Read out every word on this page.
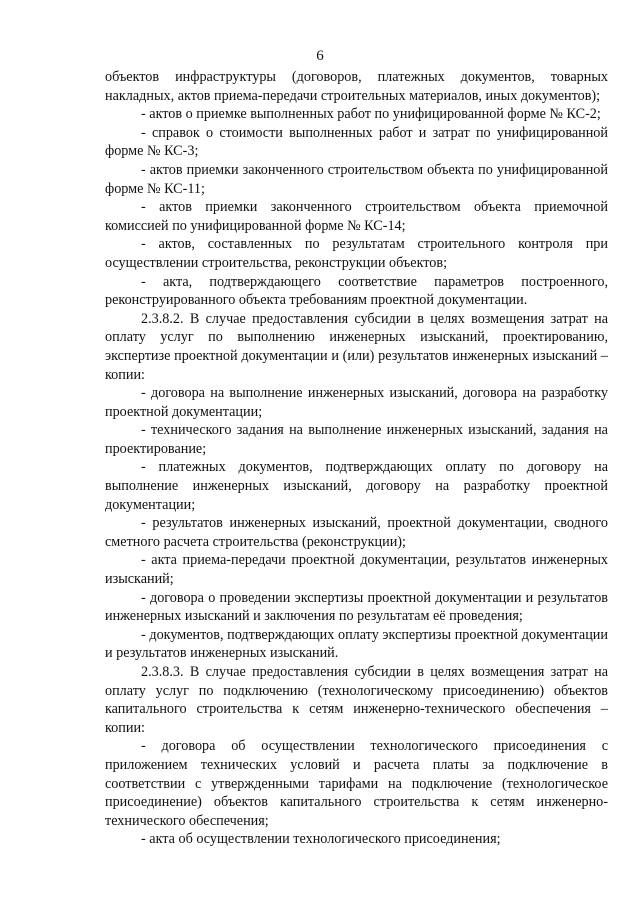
6

объектов инфраструктуры (договоров, платежных документов, товарных накладных, актов приема-передачи строительных материалов, иных документов);

- актов о приемке выполненных работ по унифицированной форме № КС-2;

- справок о стоимости выполненных работ и затрат по унифицированной форме № КС-3;

- актов приемки законченного строительством объекта по унифицированной форме № КС-11;

- актов приемки законченного строительством объекта приемочной комиссией по унифицированной форме № КС-14;

- актов, составленных по результатам строительного контроля при осуществлении строительства, реконструкции объектов;

- акта, подтверждающего соответствие параметров построенного, реконструированного объекта требованиям проектной документации.

2.3.8.2. В случае предоставления субсидии в целях возмещения затрат на оплату услуг по выполнению инженерных изысканий, проектированию, экспертизе проектной документации и (или) результатов инженерных изысканий – копии:

- договора на выполнение инженерных изысканий, договора на разработку проектной документации;

- технического задания на выполнение инженерных изысканий, задания на проектирование;

- платежных документов, подтверждающих оплату по договору на выполнение инженерных изысканий, договору на разработку проектной документации;

- результатов инженерных изысканий, проектной документации, сводного сметного расчета строительства (реконструкции);

- акта приема-передачи проектной документации, результатов инженерных изысканий;

- договора о проведении экспертизы проектной документации и результатов инженерных изысканий и заключения по результатам её проведения;

- документов, подтверждающих оплату экспертизы проектной документации и результатов инженерных изысканий.

2.3.8.3. В случае предоставления субсидии в целях возмещения затрат на оплату услуг по подключению (технологическому присоединению) объектов капитального строительства к сетям инженерно-технического обеспечения – копии:

- договора об осуществлении технологического присоединения с приложением технических условий и расчета платы за подключение в соответствии с утвержденными тарифами на подключение (технологическое присоединение) объектов капитального строительства к сетям инженерно-технического обеспечения;

- акта об осуществлении технологического присоединения;
